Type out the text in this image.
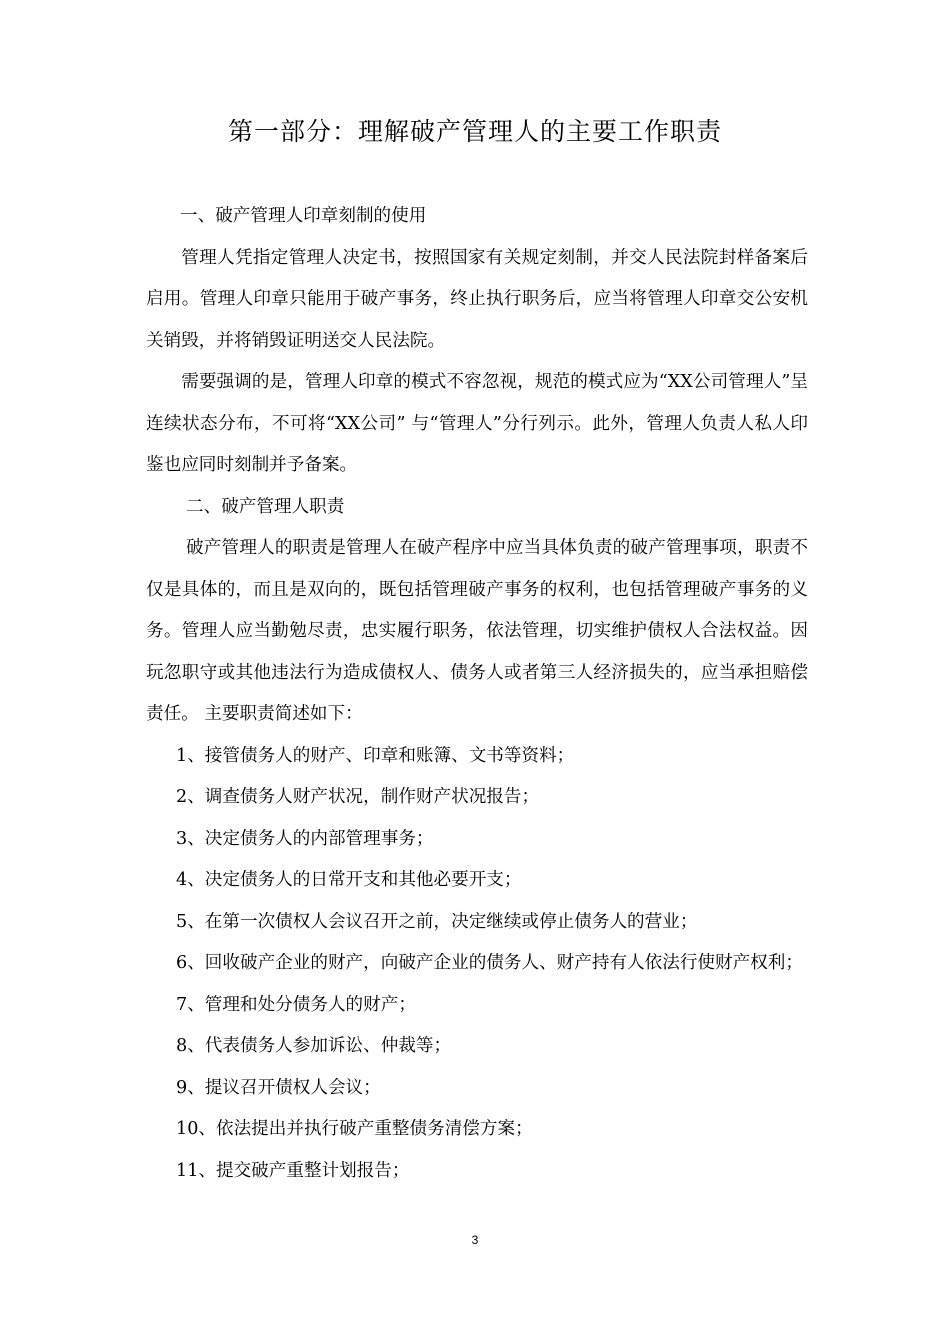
第一部分：理解破产管理人的主要工作职责

一、破产管理人印章刻制的使用

管理人凭指定管理人决定书，按照国家有关规定刻制，并交人民法院封样备案后启用。管理人印章只能用于破产事务，终止执行职务后，应当将管理人印章交公安机关销毁，并将销毁证明送交人民法院。

需要强调的是，管理人印章的模式不容忽视，规范的模式应为“XX公司管理人”呈连续状态分布，不可将“XX公司” 与“管理人”分行列示。此外，管理人负责人私人印鉴也应同时刻制并予备案。

二、破产管理人职责

破产管理人的职责是管理人在破产程序中应当具体负责的破产管理事项，职责不仅是具体的，而且是双向的，既包括管理破产事务的权利，也包括管理破产事务的义务。管理人应当勤勉尽责，忠实履行职务，依法管理，切实维护债权人合法权益。因玩忽职守或其他违法行为造成债权人、债务人或者第三人经济损失的，应当承担赔偿责任。 主要职责简述如下：

1、接管债务人的财产、印章和账簿、文书等资料；

2、调查债务人财产状况，制作财产状况报告；

3、决定债务人的内部管理事务；

4、决定债务人的日常开支和其他必要开支；

5、在第一次债权人会议召开之前，决定继续或停止债务人的营业；

6、回收破产企业的财产，向破产企业的债务人、财产持有人依法行使财产权利；

7、管理和处分债务人的财产；

8、代表债务人参加诉讼、仲裁等；

9、提议召开债权人会议；

10、依法提出并执行破产重整债务清偿方案；

11、提交破产重整计划报告；

3
